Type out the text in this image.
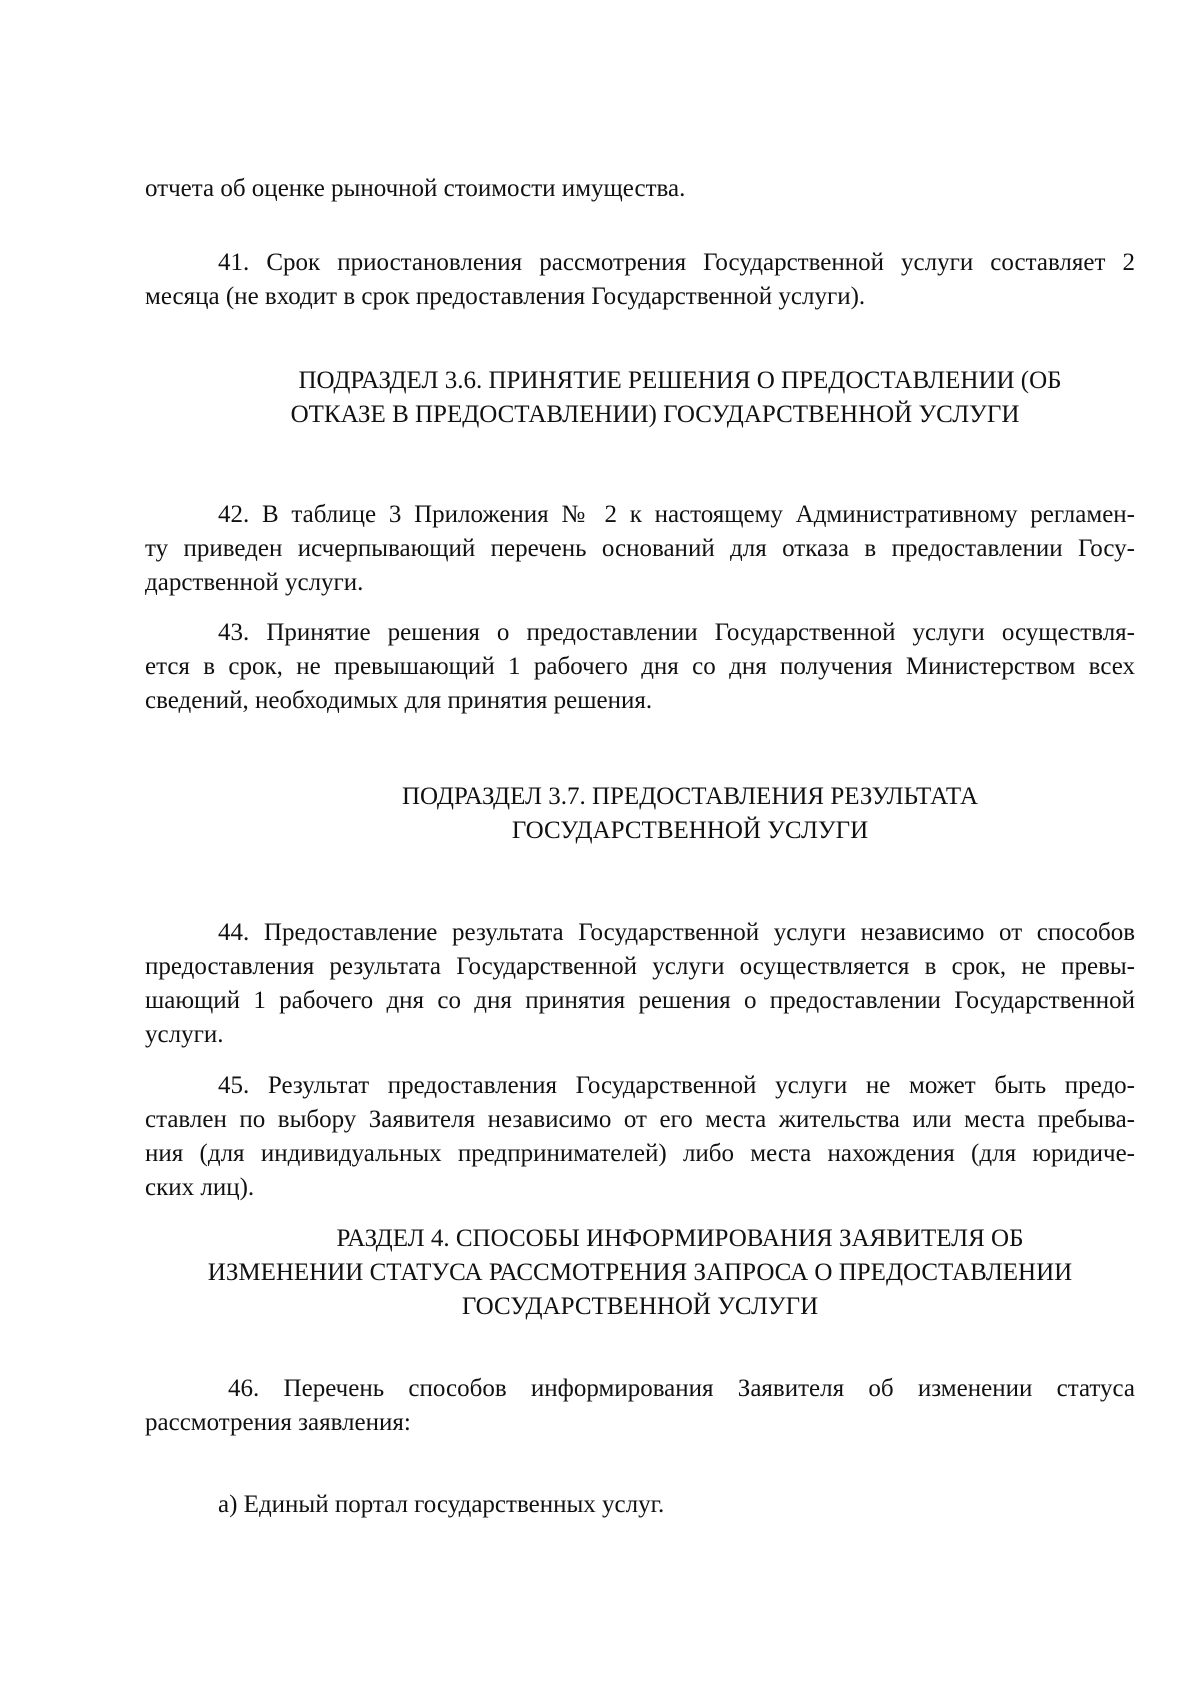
отчета об оценке рыночной стоимости имущества.

41. Срок приостановления рассмотрения Государственной услуги составляет 2

месяца (не входит в срок предоставления Государственной услуги).

ПОДРАЗДЕЛ 3.6. ПРИНЯТИЕ РЕШЕНИЯ О ПРЕДОСТАВЛЕНИИ (ОБ

ОТКАЗЕ В ПРЕДОСТАВЛЕНИИ) ГОСУДАРСТВЕННОЙ УСЛУГИ

42. В таблице 3 Приложения № 2 к настоящему Административному регламен-

ту приведен исчерпывающий перечень оснований для отказа в предоставлении Госу-

дарственной услуги.

43. Принятие решения о предоставлении Государственной услуги осуществля-

ется в срок, не превышающий 1 рабочего дня со дня получения Министерством всех

сведений, необходимых для принятия решения.

ПОДРАЗДЕЛ 3.7. ПРЕДОСТАВЛЕНИЯ РЕЗУЛЬТАТА

ГОСУДАРСТВЕННОЙ УСЛУГИ

44. Предоставление результата Государственной услуги независимо от способов

предоставления результата Государственной услуги осуществляется в срок, не превы-

шающий 1 рабочего дня со дня принятия решения о предоставлении Государственной

услуги.

45. Результат предоставления Государственной услуги не может быть предо-

ставлен по выбору Заявителя независимо от его места жительства или места пребыва-

ния (для индивидуальных предпринимателей) либо места нахождения (для юридиче-

ских лиц).

РАЗДЕЛ 4. СПОСОБЫ ИНФОРМИРОВАНИЯ ЗАЯВИТЕЛЯ ОБ

ИЗМЕНЕНИИ СТАТУСА РАССМОТРЕНИЯ ЗАПРОСА О ПРЕДОСТАВЛЕНИИ

ГОСУДАРСТВЕННОЙ УСЛУГИ

46. Перечень способов информирования Заявителя об изменении статуса

рассмотрения заявления:

а) Единый портал государственных услуг.
